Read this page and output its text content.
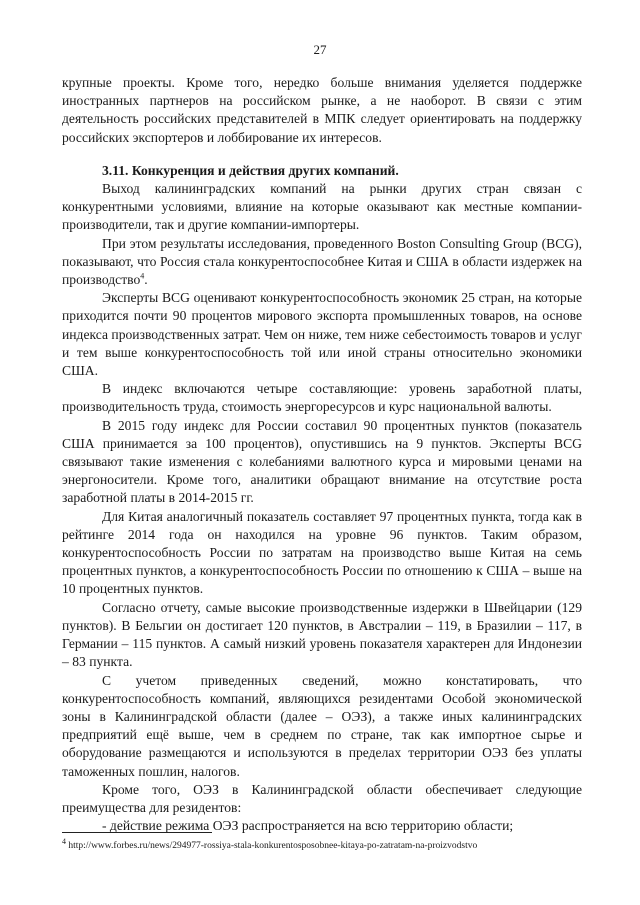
27

крупные проекты. Кроме того, нередко больше внимания уделяется поддержке иностранных партнеров на российском рынке, а не наоборот. В связи с этим деятельность российских представителей в МПК следует ориентировать на поддержку российских экспортеров и лоббирование их интересов.

3.11. Конкуренция и действия других компаний.

Выход калининградских компаний на рынки других стран связан с конкурентными условиями, влияние на которые оказывают как местные компании-производители, так и другие компании-импортеры.

При этом результаты исследования, проведенного Boston Consulting Group (BCG), показывают, что Россия стала конкурентоспособнее Китая и США в области издержек на производство$^4$.

Эксперты BCG оценивают конкурентоспособность экономик 25 стран, на которые приходится почти 90 процентов мирового экспорта промышленных товаров, на основе индекса производственных затрат. Чем он ниже, тем ниже себестоимость товаров и услуг и тем выше конкурентоспособность той или иной страны относительно экономики США.

В индекс включаются четыре составляющие: уровень заработной платы, производительность труда, стоимость энергоресурсов и курс национальной валюты.

В 2015 году индекс для России составил 90 процентных пунктов (показатель США принимается за 100 процентов), опустившись на 9 пунктов. Эксперты BCG связывают такие изменения с колебаниями валютного курса и мировыми ценами на энергоносители. Кроме того, аналитики обращают внимание на отсутствие роста заработной платы в 2014-2015 гг.

Для Китая аналогичный показатель составляет 97 процентных пункта, тогда как в рейтинге 2014 года он находился на уровне 96 пунктов. Таким образом, конкурентоспособность России по затратам на производство выше Китая на семь процентных пунктов, а конкурентоспособность России по отношению к США – выше на 10 процентных пунктов.

Согласно отчету, самые высокие производственные издержки в Швейцарии (129 пунктов). В Бельгии он достигает 120 пунктов, в Австралии – 119, в Бразилии – 117, в Германии – 115 пунктов. А самый низкий уровень показателя характерен для Индонезии – 83 пункта.

С учетом приведенных сведений, можно констатировать, что конкурентоспособность компаний, являющихся резидентами Особой экономической зоны в Калининградской области (далее – ОЭЗ), а также иных калининградских предприятий ещё выше, чем в среднем по стране, так как импортное сырье и оборудование размещаются и используются в пределах территории ОЭЗ без уплаты таможенных пошлин, налогов.

Кроме того, ОЭЗ в Калининградской области обеспечивает следующие преимущества для резидентов:

- действие режима ОЭЗ распространяется на всю территорию области;

$^4$ http://www.forbes.ru/news/294977-rossiya-stala-konkurentosposobnee-kitaya-po-zatratam-na-proizvodstvo
